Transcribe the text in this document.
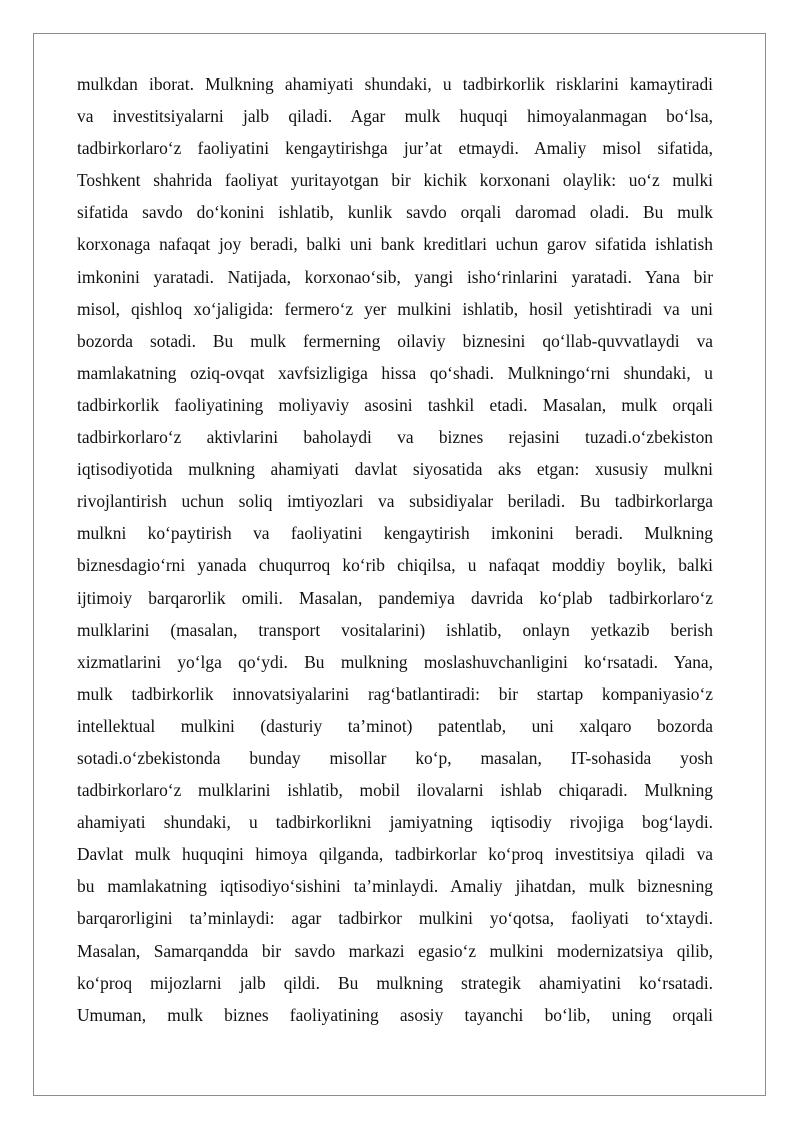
mulkdan iborat. Mulkning ahamiyati shundaki, u tadbirkorlik risklarini kamaytiradi
va investitsiyalarni jalb qiladi. Agar mulk huquqi himoyalanmagan bo‘lsa,
tadbirkorlaro‘z faoliyatini kengaytirishga jur’at etmaydi. Amaliy misol sifatida,
Toshkent shahrida faoliyat yuritayotgan bir kichik korxonani olaylik: uo‘z mulki
sifatida savdo do‘konini ishlatib, kunlik savdo orqali daromad oladi. Bu mulk
korxonaga nafaqat joy beradi, balki uni bank kreditlari uchun garov sifatida ishlatish
imkonini yaratadi. Natijada, korxonao‘sib, yangi isho‘rinlarini yaratadi. Yana bir
misol, qishloq xo‘jaligida: fermero‘z yer mulkini ishlatib, hosil yetishtiradi va uni
bozorda sotadi. Bu mulk fermerning oilaviy biznesini qo‘llab-quvvatlaydi va
mamlakatning oziq-ovqat xavfsizligiga hissa qo‘shadi. Mulkningo‘rni shundaki, u
tadbirkorlik faoliyatining moliyaviy asosini tashkil etadi. Masalan, mulk orqali
tadbirkorlaro‘z aktivlarini baholaydi va biznes rejasini tuzadi.o‘zbekiston
iqtisodiyotida mulkning ahamiyati davlat siyosatida aks etgan: xususiy mulkni
rivojlantirish uchun soliq imtiyozlari va subsidiyalar beriladi. Bu tadbirkorlarga
mulkni ko‘paytirish va faoliyatini kengaytirish imkonini beradi. Mulkning
biznesdagio‘rni yanada chuqurroq ko‘rib chiqilsa, u nafaqat moddiy boylik, balki
ijtimoiy barqarorlik omili. Masalan, pandemiya davrida ko‘plab tadbirkorlaro‘z
mulklarini (masalan, transport vositalarini) ishlatib, onlayn yetkazib berish
xizmatlarini yo‘lga qo‘ydi. Bu mulkning moslashuvchanligini ko‘rsatadi. Yana,
mulk tadbirkorlik innovatsiyalarini rag‘batlantiradi: bir startap kompaniyasio‘z
intellektual mulkini (dasturiy ta’minot) patentlab, uni xalqaro bozorda
sotadi.o‘zbekistonda bunday misollar ko‘p, masalan, IT-sohasida yosh
tadbirkorlaro‘z mulklarini ishlatib, mobil ilovalarni ishlab chiqaradi. Mulkning
ahamiyati shundaki, u tadbirkorlikni jamiyatning iqtisodiy rivojiga bog‘laydi.
Davlat mulk huquqini himoya qilganda, tadbirkorlar ko‘proq investitsiya qiladi va
bu mamlakatning iqtisodiyo‘sishini ta’minlaydi. Amaliy jihatdan, mulk biznesning
barqarorligini ta’minlaydi: agar tadbirkor mulkini yo‘qotsa, faoliyati to‘xtaydi.
Masalan, Samarqandda bir savdo markazi egasio‘z mulkini modernizatsiya qilib,
ko‘proq mijozlarni jalb qildi. Bu mulkning strategik ahamiyatini ko‘rsatadi.
Umuman, mulk biznes faoliyatining asosiy tayanchi bo‘lib, uning orqali
